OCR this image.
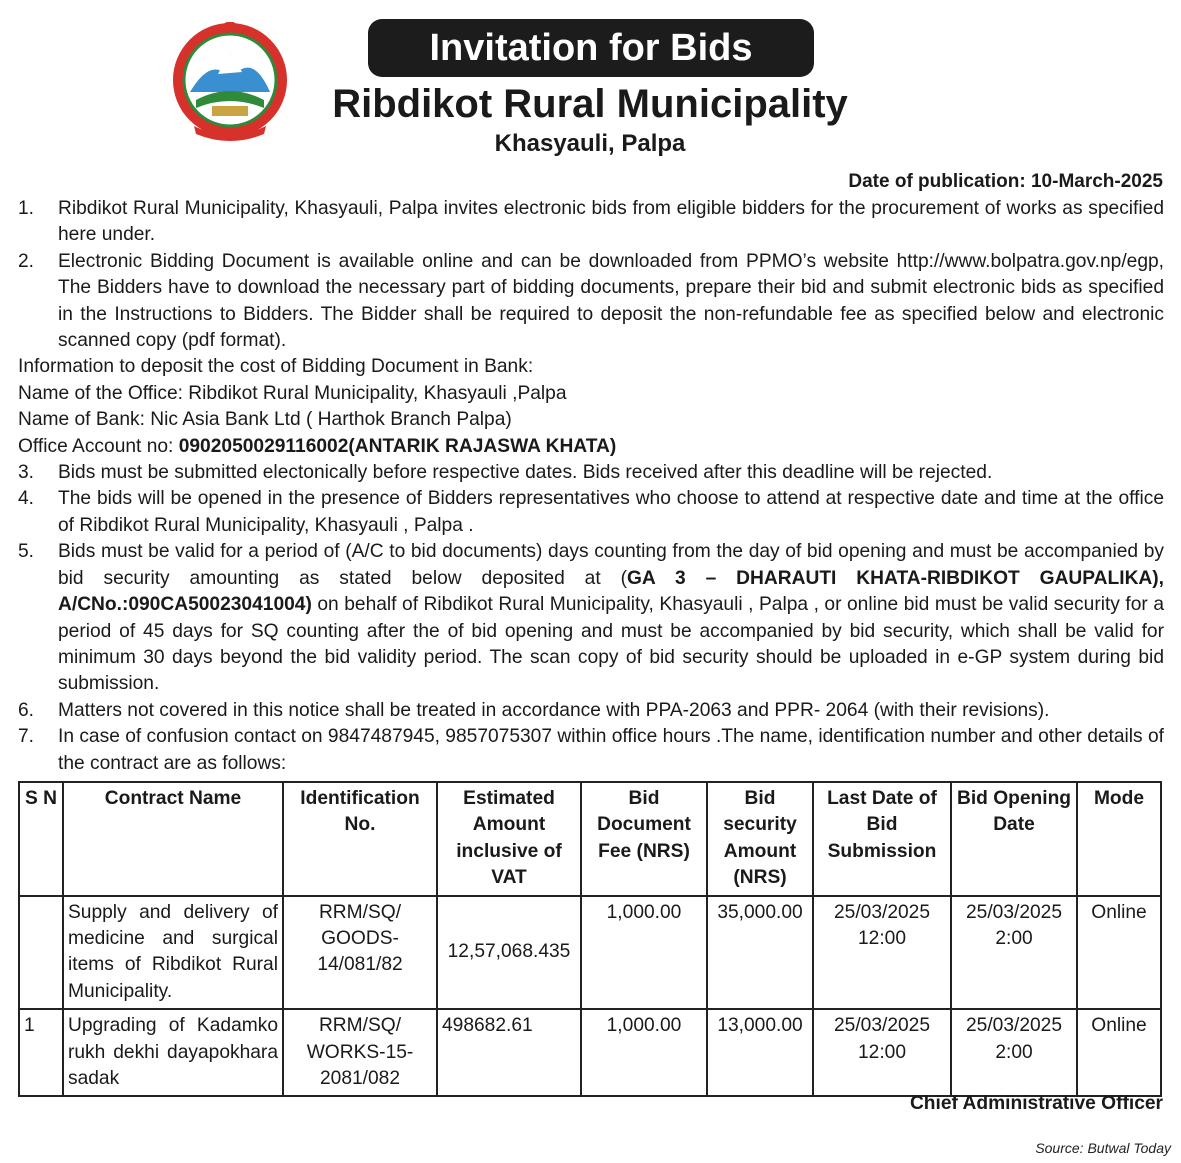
Invitation for Bids
Ribdikot Rural Municipality
Khasyauli, Palpa
Date of publication: 10-March-2025
1.	Ribdikot Rural Municipality, Khasyauli, Palpa invites electronic bids from eligible bidders for the procurement of works as specified here under.
2.	Electronic Bidding Document is available online and can be downloaded from PPMO’s website http://www.bolpatra.gov.np/egp, The Bidders have to download the necessary part of bidding documents, prepare their bid and submit electronic bids as specified in the Instructions to Bidders. The Bidder shall be required to deposit the non-refundable fee as specified below and electronic scanned copy (pdf format).
Information to deposit the cost of Bidding Document in Bank:
Name of the Office: Ribdikot Rural Municipality, Khasyauli ,Palpa
Name of Bank: Nic Asia Bank Ltd ( Harthok Branch Palpa)
Office Account no: 0902050029116002(ANTARIK RAJASWA KHATA)
3.	Bids must be submitted electonically before respective dates. Bids received after this deadline will be rejected.
4.	The bids will be opened in the presence of Bidders representatives who choose to attend at respective date and time at the office of Ribdikot Rural Municipality, Khasyauli , Palpa .
5.	Bids must be valid for a period of (A/C to bid documents) days counting from the day of bid opening and must be accompanied by bid security amounting as stated below deposited at (GA 3 – DHARAUTI KHATA-RIBDIKOT GAUPALIKA), A/CNo.:090CA50023041004) on behalf of Ribdikot Rural Municipality, Khasyauli , Palpa , or online bid must be valid security for a period of 45 days for SQ counting after the of bid opening and must be accompanied by bid security, which shall be valid for minimum 30 days beyond the bid validity period. The scan copy of bid security should be uploaded in e-GP system during bid submission.
6.	Matters not covered in this notice shall be treated in accordance with PPA-2063 and PPR- 2064 (with their revisions).
7.	In case of confusion contact on 9847487945, 9857075307 within office hours .The name, identification number and other details of the contract are as follows:
S N	Contract Name	Identification No.	Estimated Amount inclusive of VAT	Bid Document Fee (NRS)	Bid security Amount (NRS)	Last Date of Bid Submission	Bid Opening Date	Mode
	Supply and delivery of medicine and surgical items of Ribdikot Rural Municipality.	RRM/SQ/ GOODS-14/081/82	12,57,068.435	1,000.00	35,000.00	25/03/2025 12:00	25/03/2025 2:00	Online
1	Upgrading of Kadamko rukh dekhi dayapokhara sadak	RRM/SQ/ WORKS-15-2081/082	498682.61	1,000.00	13,000.00	25/03/2025 12:00	25/03/2025 2:00	Online
Chief Administrative Officer
Source: Butwal Today
